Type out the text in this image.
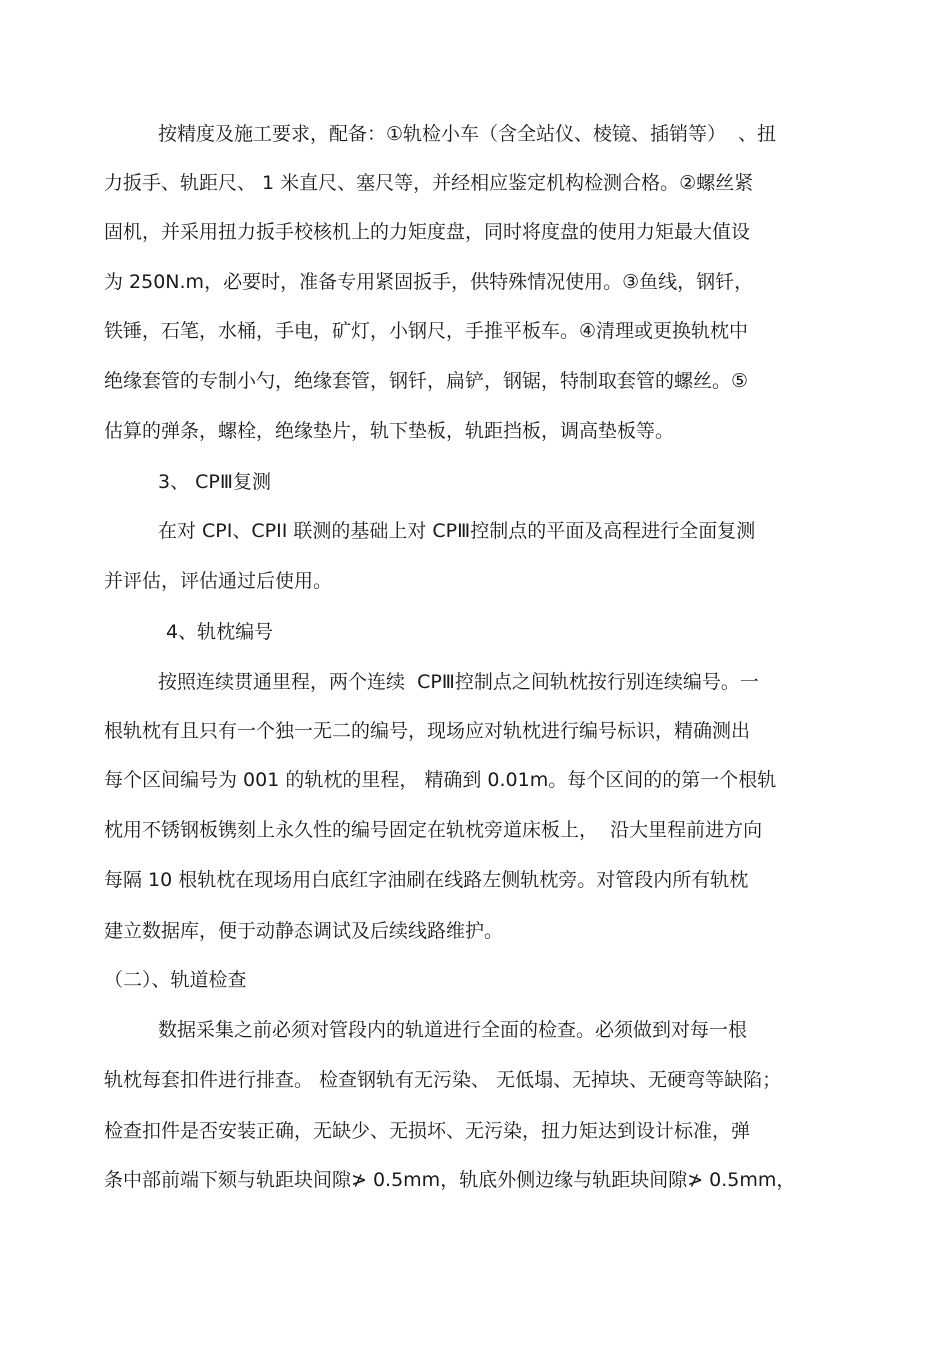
按精度及施工要求，配备：①轨检小车（含全站仪、棱镜、插销等）  、扭
力扳手、轨距尺、 1 米直尺、塞尺等，并经相应鉴定机构检测合格。②螺丝紧
固机，并采用扭力扳手校核机上的力矩度盘，同时将度盘的使用力矩最大值设
为 250N.m，必要时，准备专用紧固扳手，供特殊情况使用。③鱼线，钢钎，
铁锤，石笔，水桶，手电，矿灯，小钢尺，手推平板车。④清理或更换轨枕中
绝缘套管的专制小勺，绝缘套管，钢钎，扁铲，钢锯，特制取套管的螺丝。⑤
估算的弹条，螺栓，绝缘垫片，轨下垫板，轨距挡板，调高垫板等。
3、 CPⅢ复测
在对 CPI、CPII 联测的基础上对 CPⅢ控制点的平面及高程进行全面复测
并评估，评估通过后使用。
4、轨枕编号
按照连续贯通里程，两个连续  CPⅢ控制点之间轨枕按行别连续编号。一
根轨枕有且只有一个独一无二的编号，现场应对轨枕进行编号标识，精确测出
每个区间编号为 001 的轨枕的里程， 精确到 0.01m。每个区间的的第一个根轨
枕用不锈钢板镌刻上永久性的编号固定在轨枕旁道床板上，  沿大里程前进方向
每隔 10 根轨枕在现场用白底红字油刷在线路左侧轨枕旁。对管段内所有轨枕
建立数据库，便于动静态调试及后续线路维护。
（二）、轨道检查
数据采集之前必须对管段内的轨道进行全面的检查。必须做到对每一根
轨枕每套扣件进行排查。 检查钢轨有无污染、 无低塌、无掉块、无硬弯等缺陷；
检查扣件是否安装正确，无缺少、无损坏、无污染，扭力矩达到设计标准，弹
条中部前端下颏与轨距块间隙≯ 0.5mm，轨底外侧边缘与轨距块间隙≯ 0.5mm，
